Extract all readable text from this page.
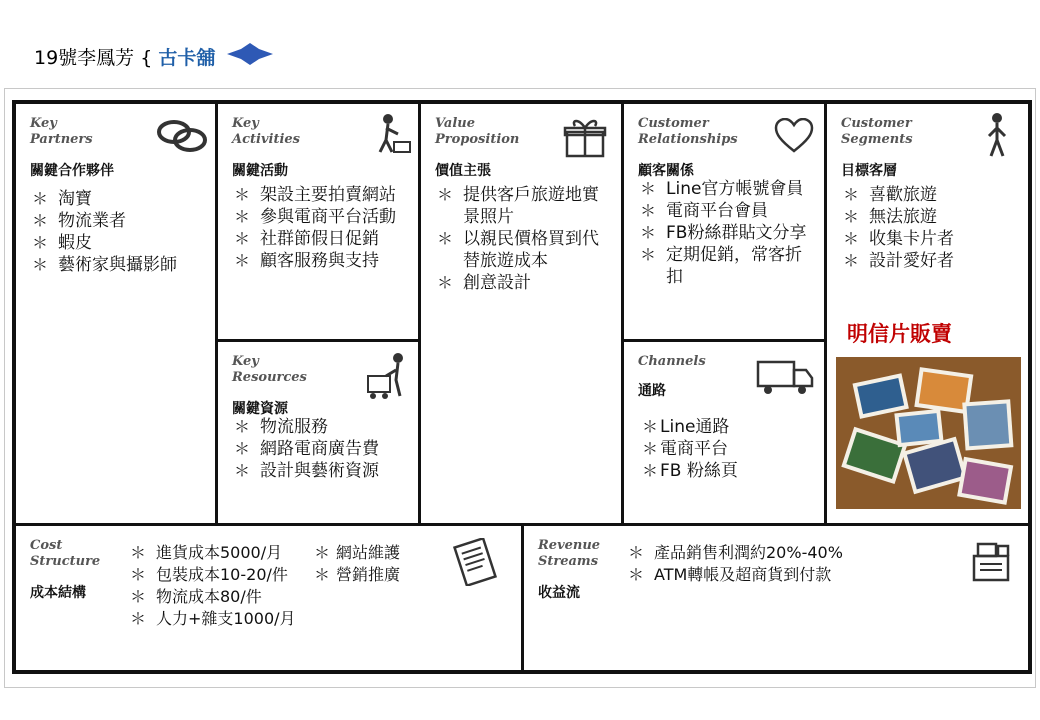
19號李鳳芳 { 古卡舖
Key
Partners
關鍵合作夥伴
＊ 淘寶
＊ 物流業者
＊ 蝦皮
＊ 藝術家與攝影師
Key
Activities
關鍵活動
＊ 架設主要拍賣網站
＊ 參與電商平台活動
＊ 社群節假日促銷
＊ 顧客服務與支持
Key
Resources
關鍵資源
＊ 物流服務
＊ 網路電商廣告費
＊ 設計與藝術資源
Value
Proposition
價值主張
＊ 提供客戶旅遊地實景照片
＊ 以親民價格買到代替旅遊成本
＊ 創意設計
Customer
Relationships
顧客關係
＊ Line官方帳號會員
＊ 電商平台會員
＊ FB粉絲群貼文分享
＊ 定期促銷，常客折扣
Channels
通路
＊ Line通路
＊ 電商平台
＊ FB 粉絲頁
Customer
Segments
目標客層
＊ 喜歡旅遊
＊ 無法旅遊
＊ 收集卡片者
＊ 設計愛好者
明信片販賣
Cost
Structure
成本結構
＊ 進貨成本5000/月
＊ 包裝成本10-20/件
＊ 物流成本80/件
＊ 人力+雜支1000/月
＊ 網站維護
＊ 營銷推廣
Revenue
Streams
收益流
＊ 產品銷售利潤約20%-40%
＊ ATM轉帳及超商貨到付款
